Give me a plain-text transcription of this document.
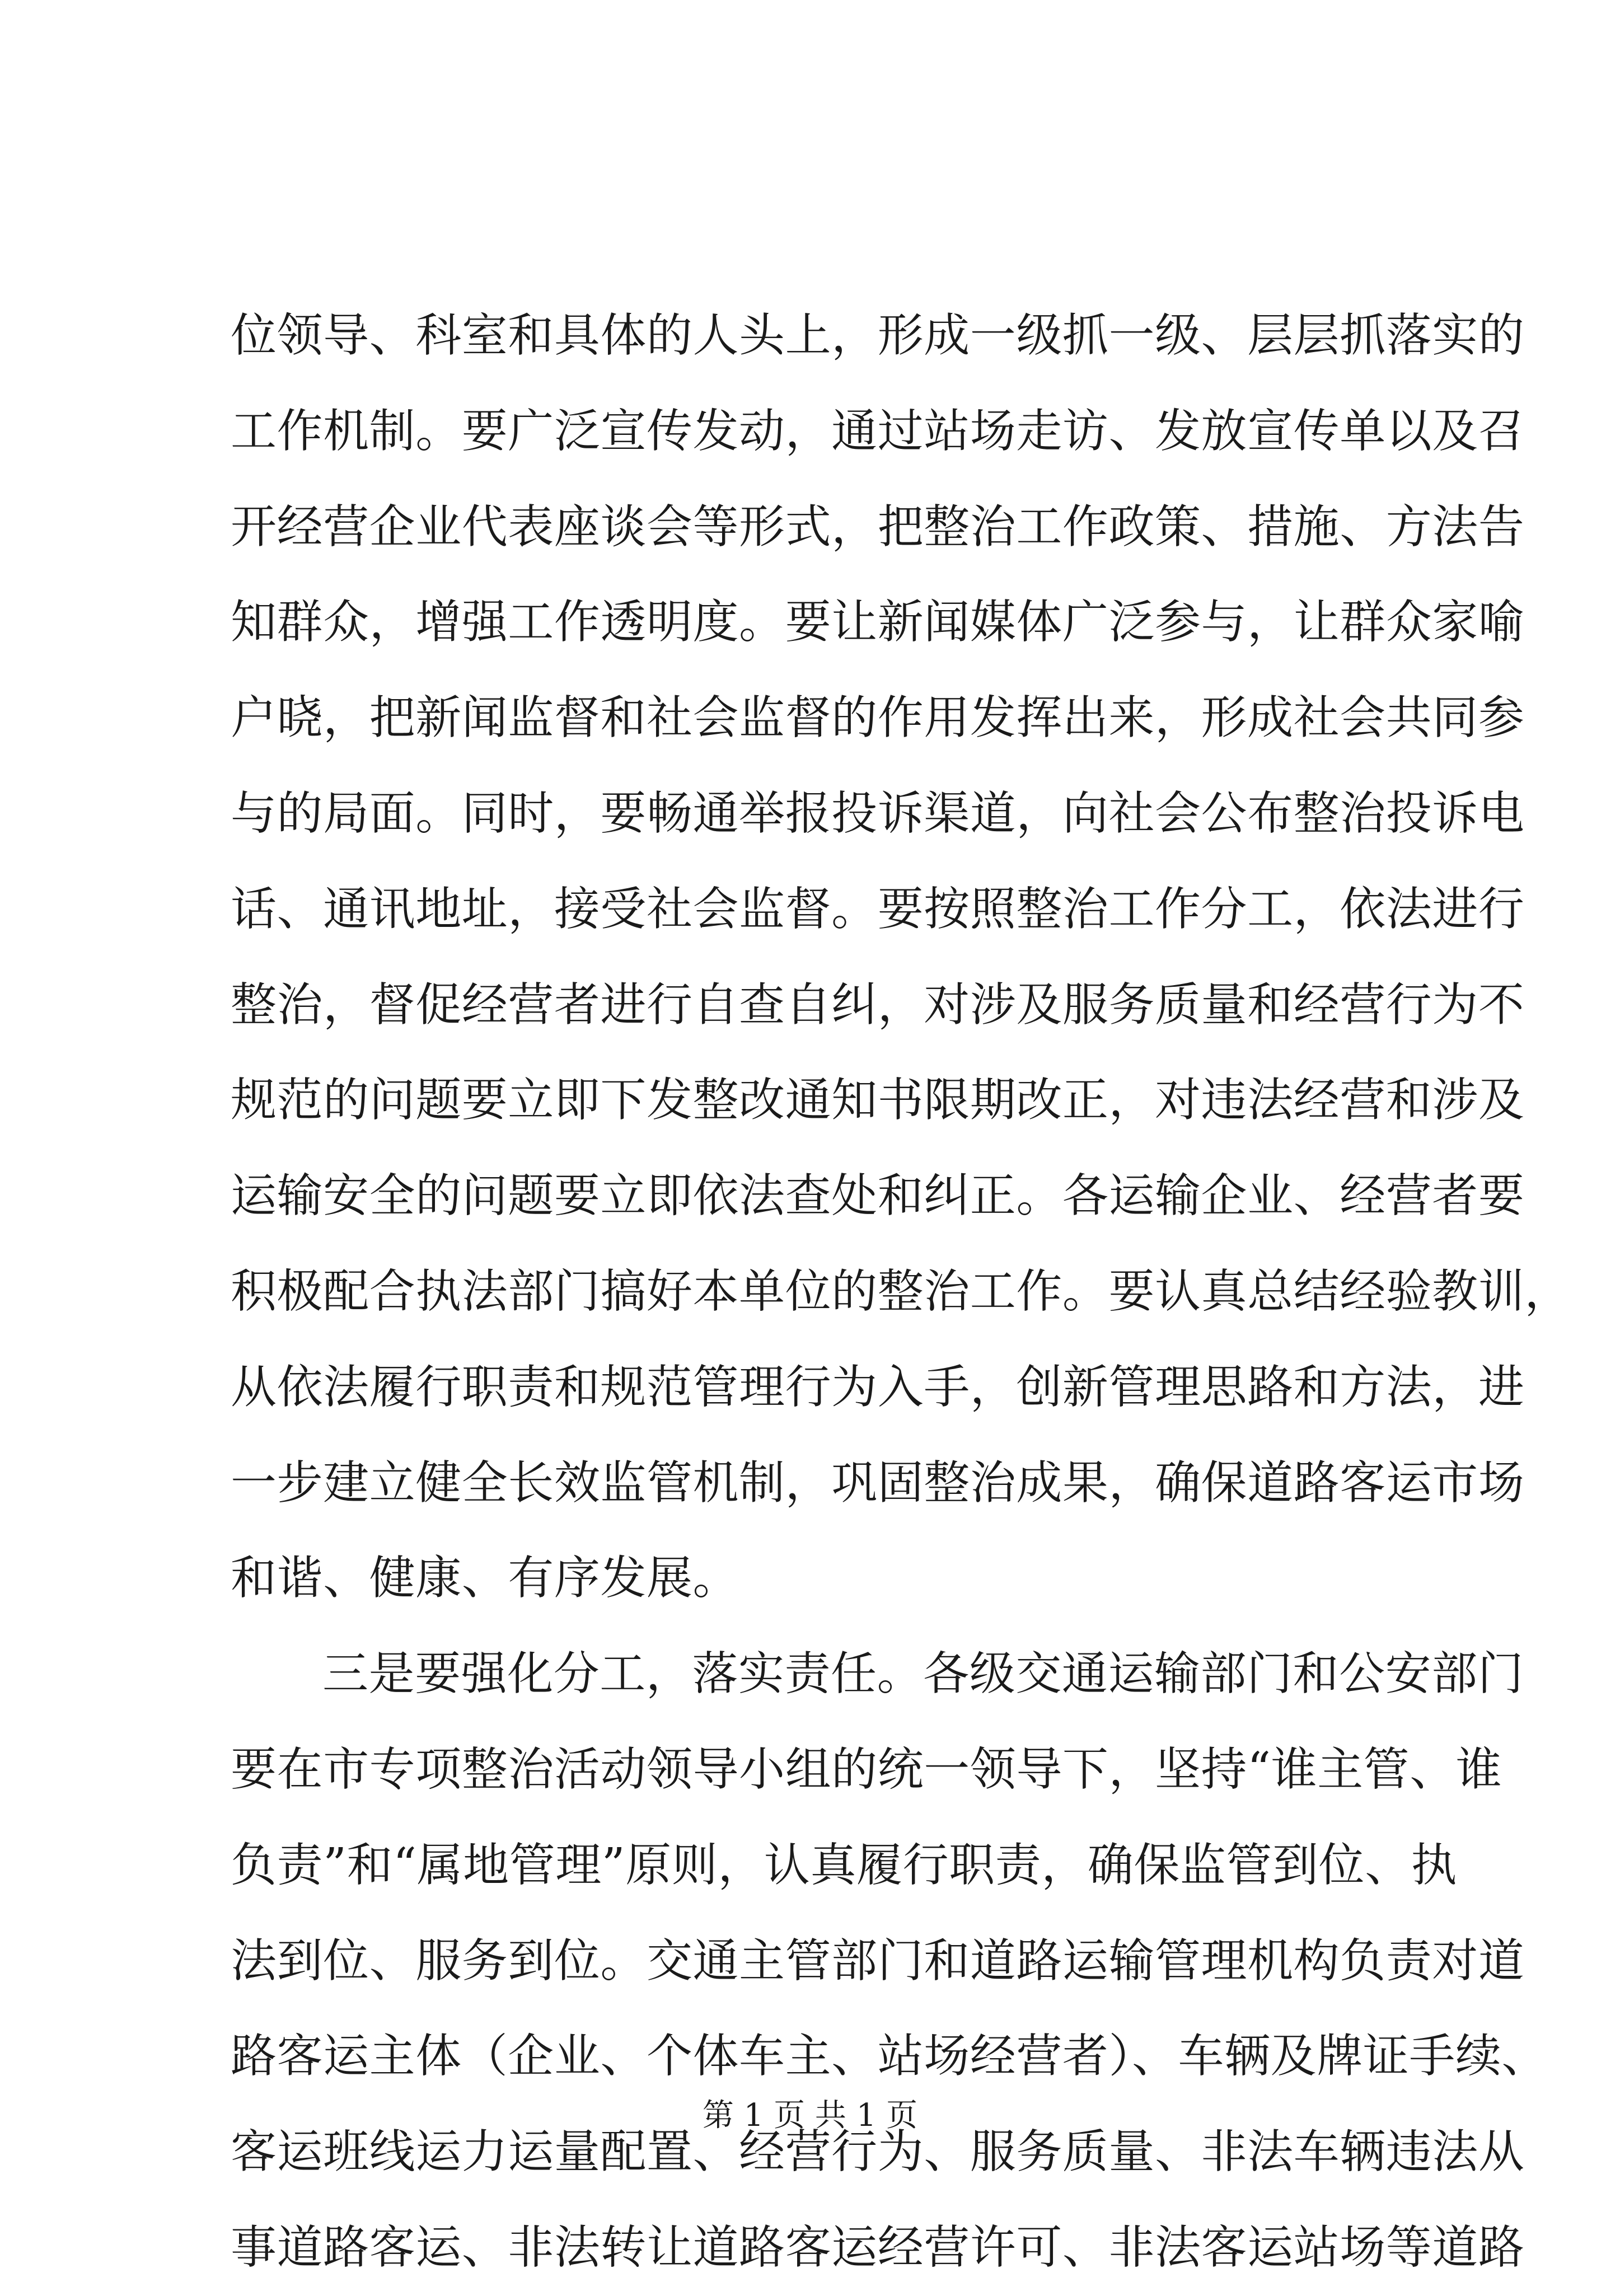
位领导、科室和具体的人头上，形成一级抓一级、层层抓落实的
工作机制。要广泛宣传发动，通过站场走访、发放宣传单以及召
开经营企业代表座谈会等形式，把整治工作政策、措施、方法告
知群众，增强工作透明度。要让新闻媒体广泛参与，让群众家喻
户晓，把新闻监督和社会监督的作用发挥出来，形成社会共同参
与的局面。同时，要畅通举报投诉渠道，向社会公布整治投诉电
话、通讯地址，接受社会监督。要按照整治工作分工，依法进行
整治，督促经营者进行自查自纠，对涉及服务质量和经营行为不
规范的问题要立即下发整改通知书限期改正，对违法经营和涉及
运输安全的问题要立即依法查处和纠正。各运输企业、经营者要
积极配合执法部门搞好本单位的整治工作。要认真总结经验教训，
从依法履行职责和规范管理行为入手，创新管理思路和方法，进
一步建立健全长效监管机制，巩固整治成果，确保道路客运市场
和谐、健康、有序发展。
三是要强化分工，落实责任。各级交通运输部门和公安部门
要在市专项整治活动领导小组的统一领导下，坚持“谁主管、谁
负责”和“属地管理”原则，认真履行职责，确保监管到位、执
法到位、服务到位。交通主管部门和道路运输管理机构负责对道
路客运主体（企业、个体车主、站场经营者）、车辆及牌证手续、
客运班线运力运量配置、经营行为、服务质量、非法车辆违法从
事道路客运、非法转让道路客运经营许可、非法客运站场等道路
第 1 页 共 1 页
